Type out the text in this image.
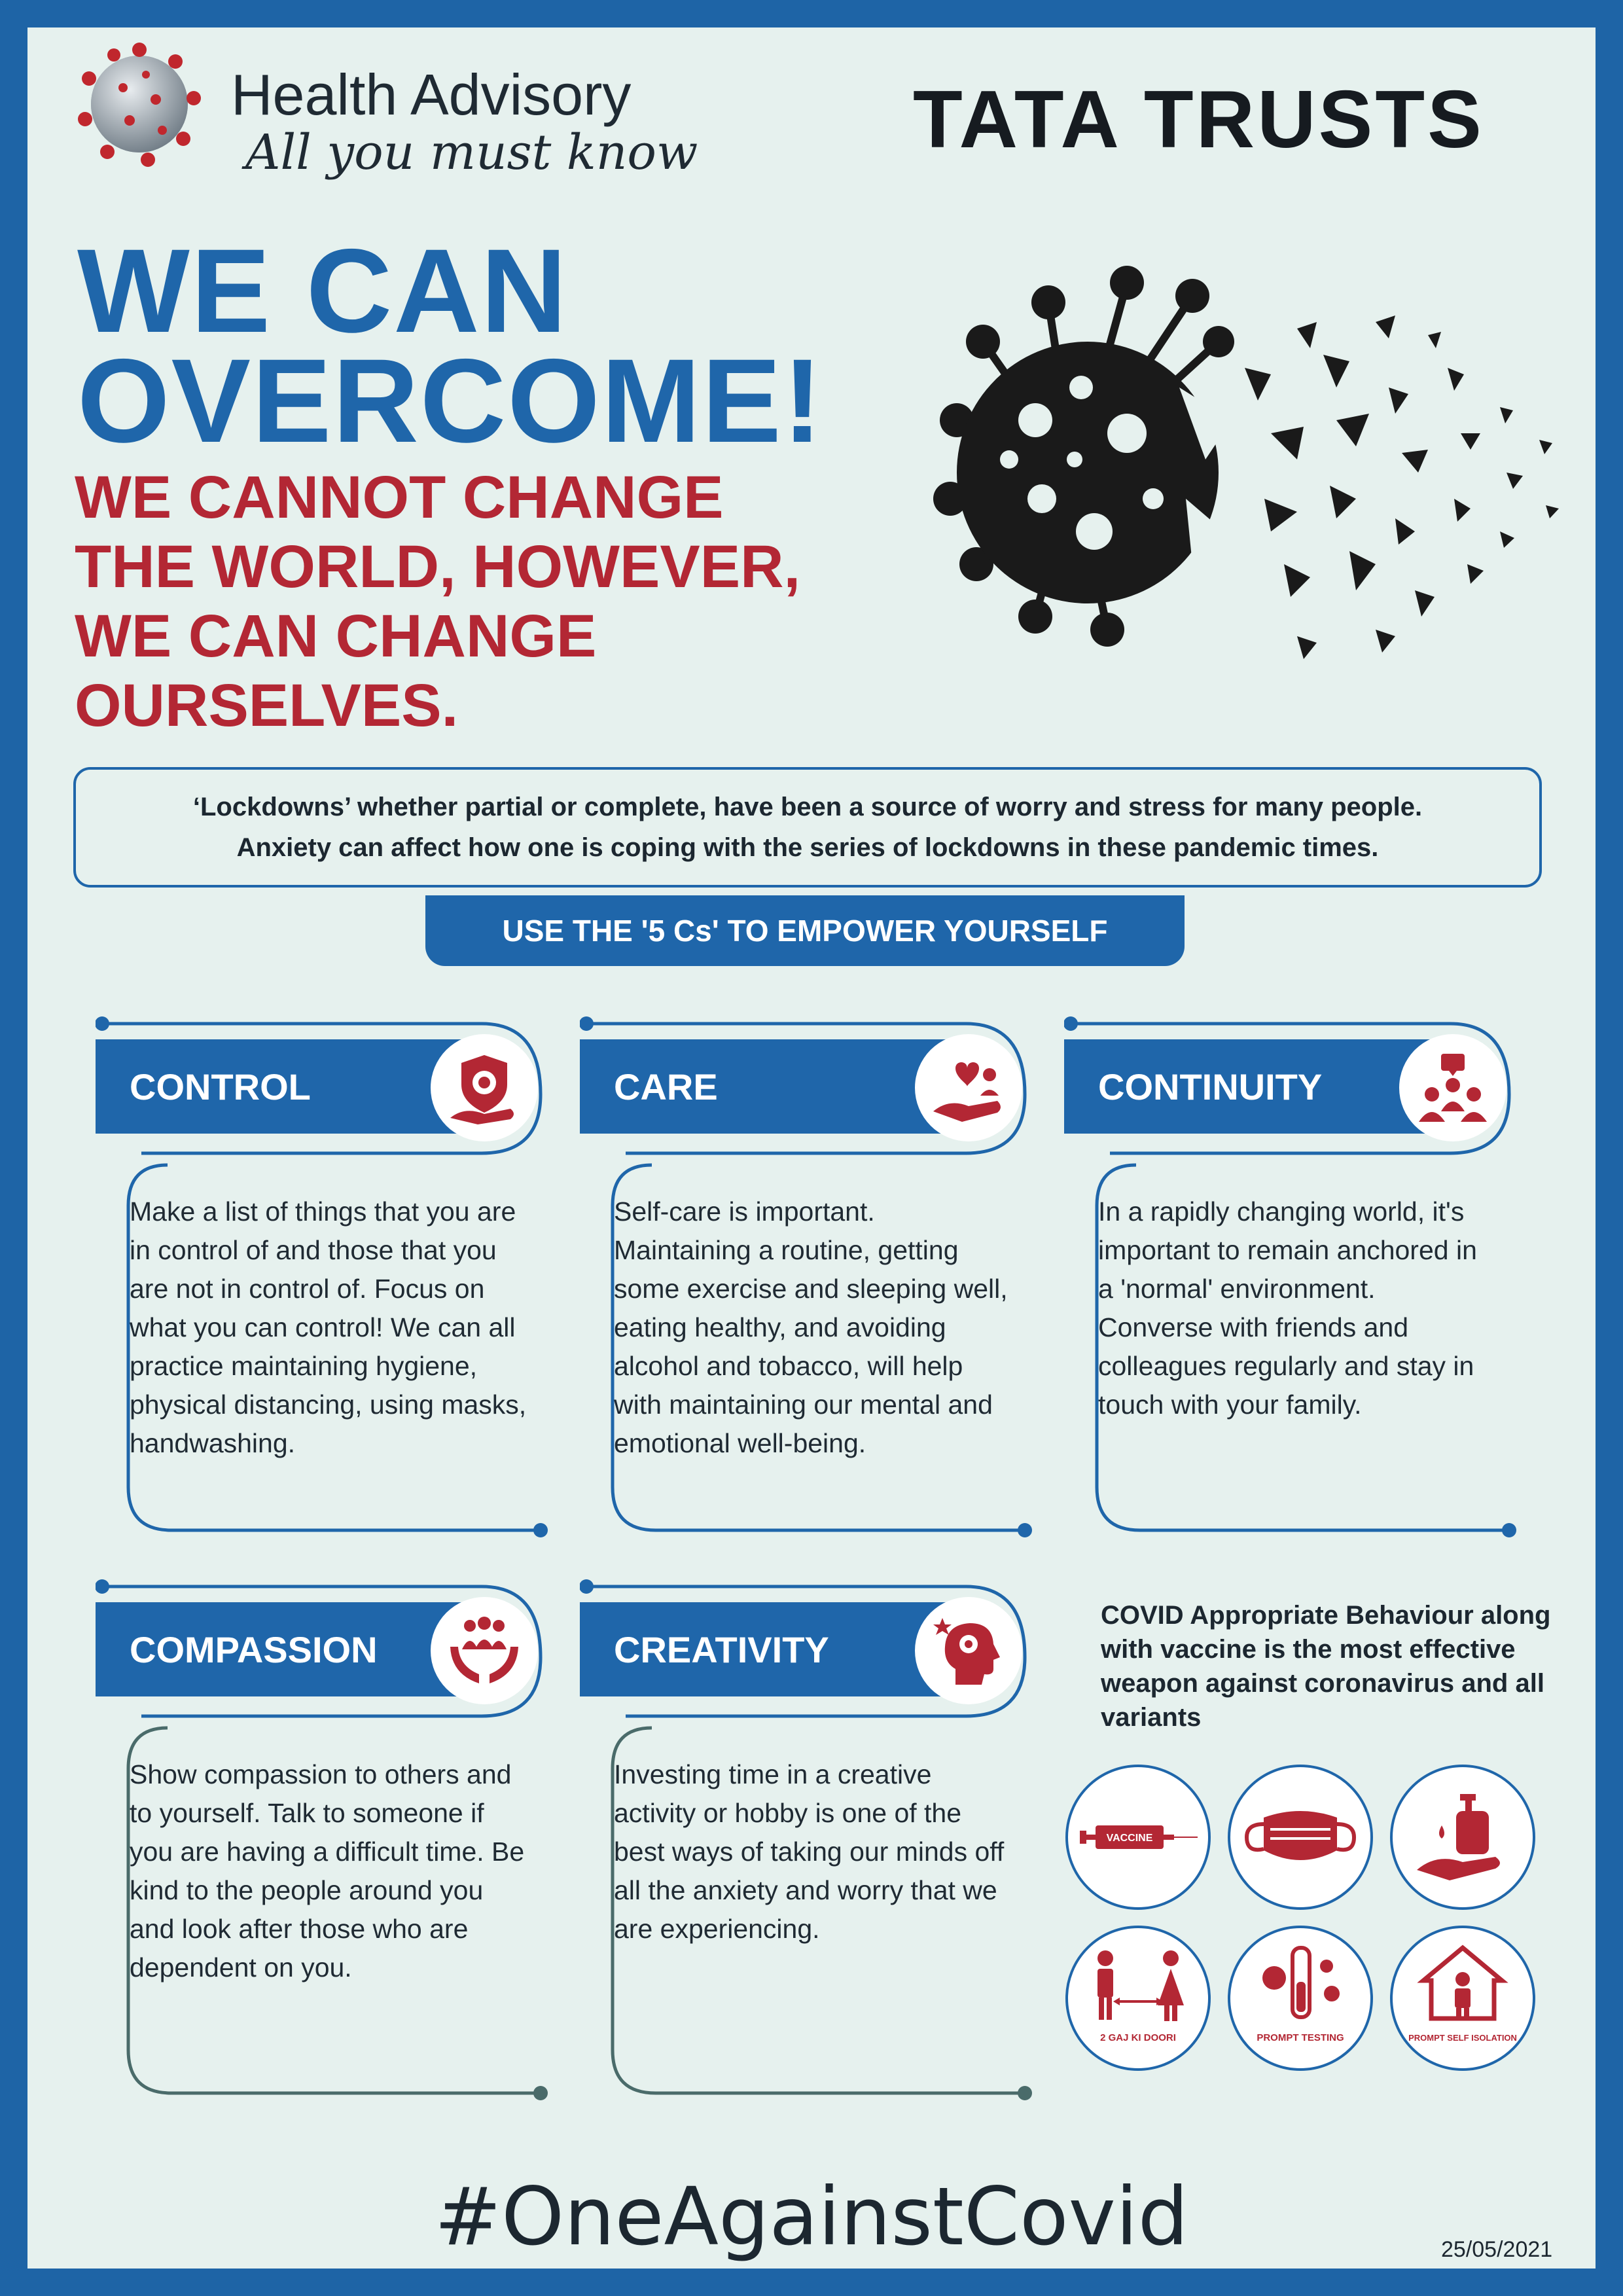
Health Advisory
All you must know	TATA TRUSTS
WE CAN
OVERCOME!
WE CANNOT CHANGE
THE WORLD, HOWEVER,
WE CAN CHANGE
OURSELVES.
‘Lockdowns’ whether partial or complete, have been a source of worry and stress for many people.
Anxiety can affect how one is coping with the series of lockdowns in these pandemic times.
USE THE '5 Cs' TO EMPOWER YOURSELF
CONTROL
Make a list of things that you are in control of and those that you are not in control of. Focus on what you can control! We can all practice maintaining hygiene, physical distancing, using masks, handwashing.
CARE
Self-care is important. Maintaining a routine, getting some exercise and sleeping well, eating healthy, and avoiding alcohol and tobacco, will help with maintaining our mental and emotional well-being.
CONTINUITY
In a rapidly changing world, it's important to remain anchored in a 'normal' environment. Converse with friends and colleagues regularly and stay in touch with your family.
COMPASSION
Show compassion to others and to yourself. Talk to someone if you are having a difficult time. Be kind to the people around you and look after those who are dependent on you.
CREATIVITY
Investing time in a creative activity or hobby is one of the best ways of taking our minds off all the anxiety and worry that we are experiencing.
COVID Appropriate Behaviour along with vaccine is the most effective weapon against coronavirus and all variants
VACCINE
2 GAJ KI DOORI	PROMPT TESTING	PROMPT SELF ISOLATION
#OneAgainstCovid	25/05/2021
